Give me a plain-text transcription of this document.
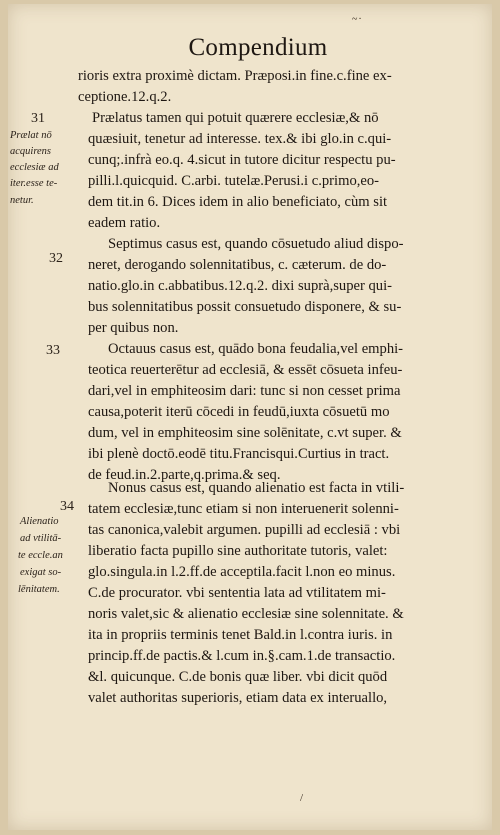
~·
Compendium
rioris extra proximè dictam. Præposi.in fine.c.fine ex-
ceptione.12.q.2.
31	Prælatus tamen qui potuit quærere ecclesiæ,& nō
quæsiuit, tenetur ad interesse. tex.& ibi glo.in c.qui-
cunq;.infrà eo.q. 4.sicut in tutore dicitur respectu pu-
pilli.l.quicquid. C.arbi. tutelæ.Perusi.i c.primo,eo-
dem tit.in 6. Dices idem in alio beneficiato, cùm sit
eadem ratio.
Prælat nō
acquirens
ecclesiæ ad
iter.esse te-
netur.
32
Septimus casus est, quando cōsuetudo aliud dispo-
neret, derogando solennitatibus, c. cæterum. de do-
natio.glo.in c.abbatibus.12.q.2. dixi suprà,super qui-
bus solennitatibus possit consuetudo disponere, & su-
per quibus non.
33	Octauus casus est, quādo bona feudalia,vel emphi-
teotica reuerterētur ad ecclesiā, & essēt cōsueta infeu-
dari,vel in emphiteosim dari: tunc si non cesset prima
causa,poterit iterū cōcedi in feudū,iuxta cōsuetū mo
dum, vel in emphiteosim sine solēnitate, c.vt super. &
ibi plenè doctō.eodē titu.Francisqui.Curtius in tract.
de feud.in.2.parte,q.prima.& seq.
34
Nonus casus est, quando alienatio est facta in vtili-
tatem ecclesiæ,tunc etiam si non interuenerit solenni-
tas canonica,valebit argumen. pupilli ad ecclesiā : vbi
liberatio facta pupillo sine authoritate tutoris, valet:
glo.singula.in l.2.ff.de acceptila.facit l.non eo minus.
C.de procurator. vbi sententia lata ad vtilitatem mi-
noris valet,sic & alienatio ecclesiæ sine solennitate. &
ita in propriis terminis tenet Bald.in l.contra iuris. in
princip.ff.de pactis.& l.cum in.§.cam.1.de transactio.
&l. quicunque. C.de bonis quæ liber. vbi dicit quōd
valet authoritas superioris, etiam data ex interuallo,
Alienatio
ad vtilitā-
te eccle.an
exigat so-
lēnitatem.
/
